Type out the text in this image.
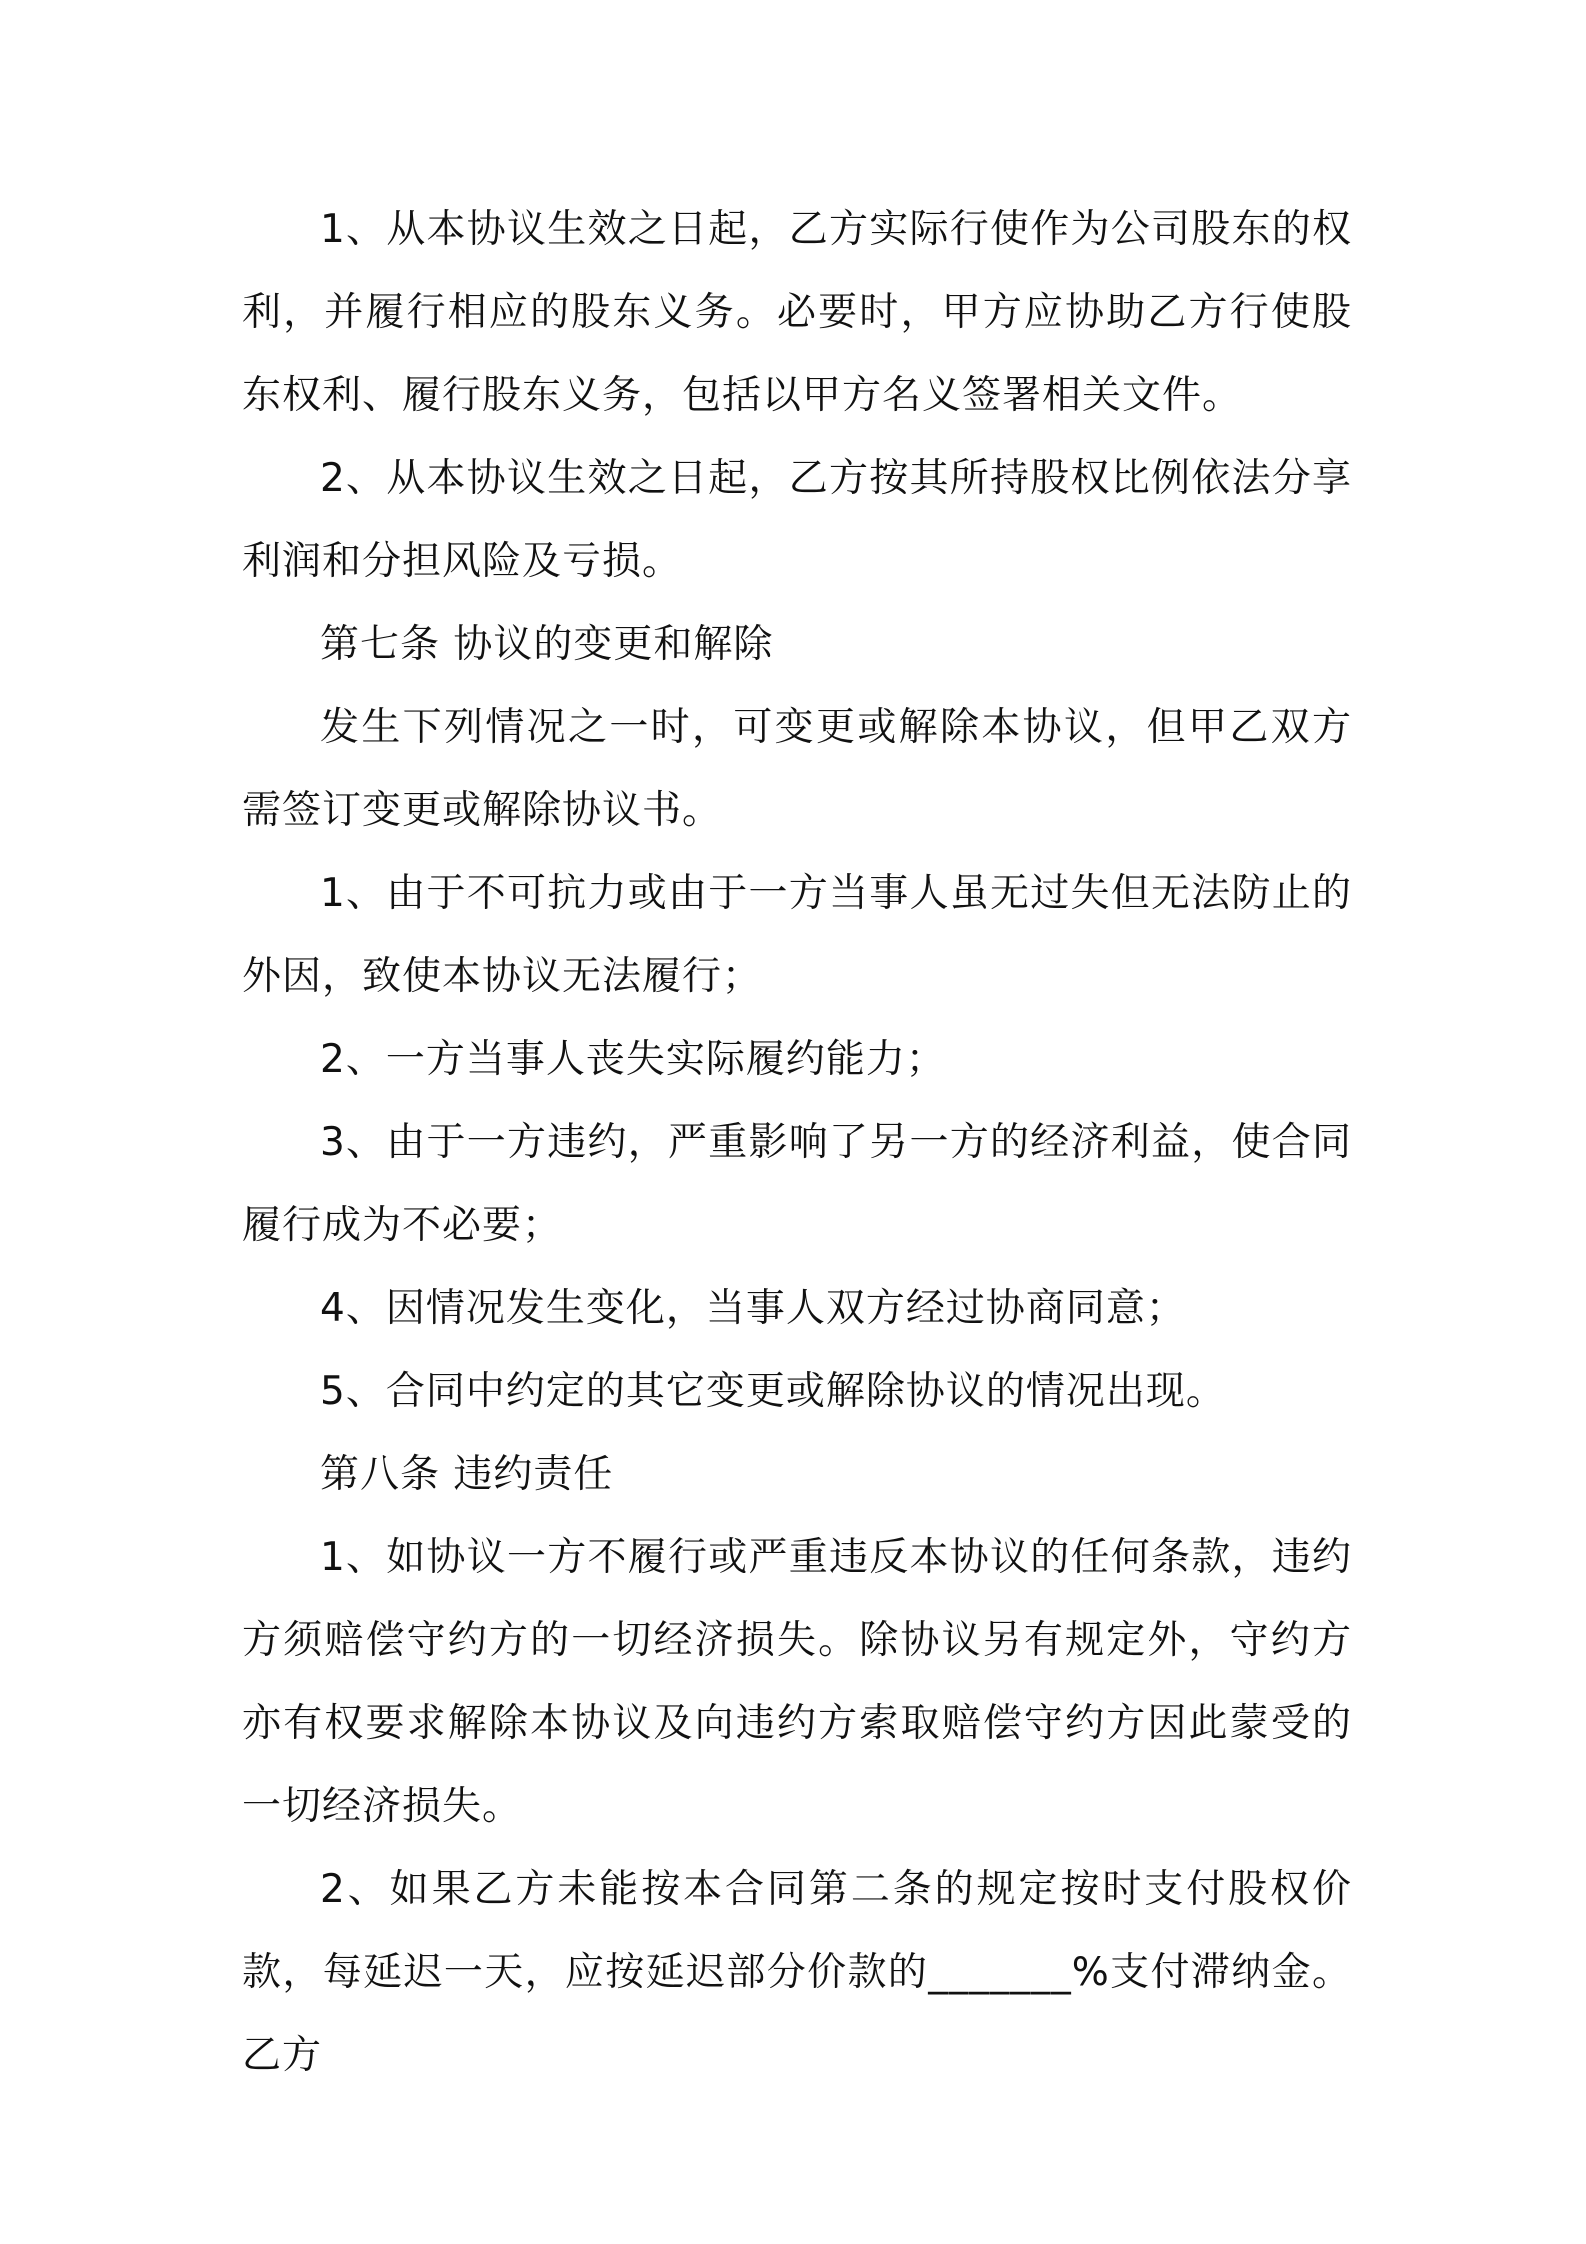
1、从本协议生效之日起，乙方实际行使作为公司股东的权利，并履行相应的股东义务。必要时，甲方应协助乙方行使股东权利、履行股东义务，包括以甲方名义签署相关文件。

2、从本协议生效之日起，乙方按其所持股权比例依法分享利润和分担风险及亏损。

第七条 协议的变更和解除

发生下列情况之一时，可变更或解除本协议，但甲乙双方需签订变更或解除协议书。

1、由于不可抗力或由于一方当事人虽无过失但无法防止的外因，致使本协议无法履行；

2、一方当事人丧失实际履约能力；

3、由于一方违约，严重影响了另一方的经济利益，使合同履行成为不必要；

4、因情况发生变化，当事人双方经过协商同意；

5、合同中约定的其它变更或解除协议的情况出现。

第八条 违约责任

1、如协议一方不履行或严重违反本协议的任何条款，违约方须赔偿守约方的一切经济损失。除协议另有规定外，守约方亦有权要求解除本协议及向违约方索取赔偿守约方因此蒙受的一切经济损失。

2、如果乙方未能按本合同第二条的规定按时支付股权价款，每延迟一天，应按延迟部分价款的_______%支付滞纳金。乙方
